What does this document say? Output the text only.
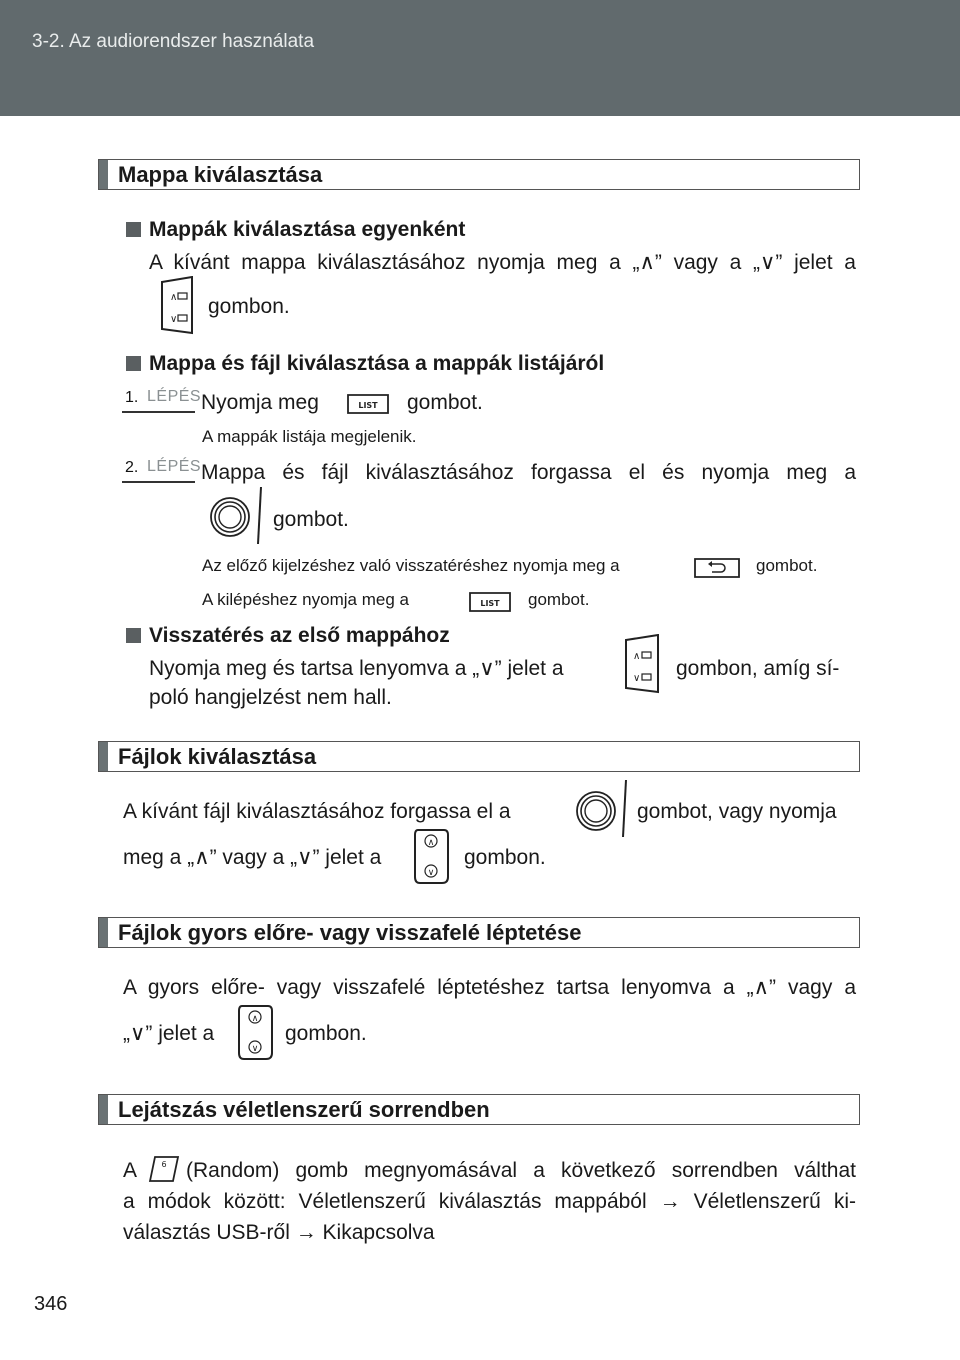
3-2. Az audiorendszer használata
Mappa kiválasztása
Mappák kiválasztása egyenként
A kívánt mappa kiválasztásához nyomja meg a „∧” vagy a „∨” jelet a
∧
∨
gombon.
Mappa és fájl kiválasztása a mappák listájáról
1. LÉPÉS Nyomja meg	LIST gombot.
A mappák listája megjelenik.
2. LÉPÉS Mappa és fájl kiválasztásához forgassa el és nyomja meg a
gombot.
Az előző kijelzéshez való visszatéréshez nyomja meg a	gombot.
A kilépéshez nyomja meg a	LIST gombot.
Visszatérés az első mappához
Nyomja meg és tartsa lenyomva a „∨” jelet a
∧
∨ gombon, amíg sí-
poló hangjelzést nem hall.
Fájlok kiválasztása
A kívánt fájl kiválasztásához forgassa el a	gombot, vagy nyomja
meg a „∧” vagy a „∨” jelet a
∧
∨
gombon.
Fájlok gyors előre- vagy visszafelé léptetése
A gyors előre- vagy visszafelé léptetéshez tartsa lenyomva a „∧” vagy a
„∨” jelet a
∧
∨
gombon.
Lejátszás véletlenszerű sorrendben
A	6 (Random) gomb megnyomásával a következő sorrendben válthat
a módok között: Véletlenszerű kiválasztás mappából → Véletlenszerű ki-
választás USB-ről → Kikapcsolva
346
